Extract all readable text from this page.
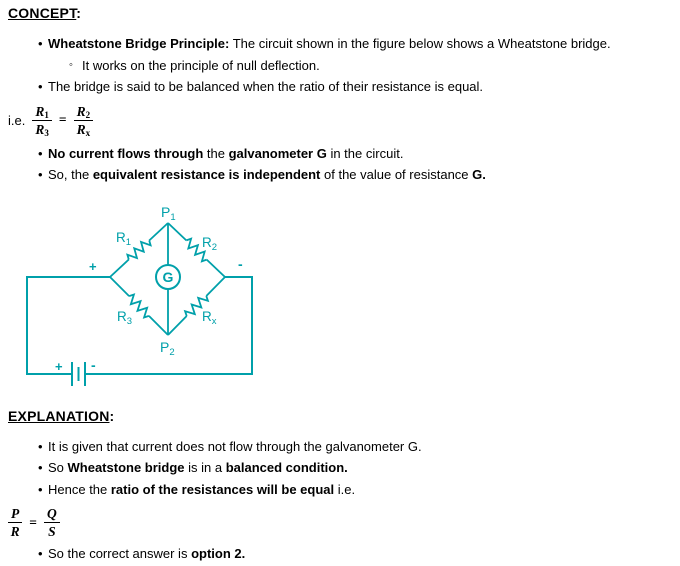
CONCEPT:
• Wheatstone Bridge Principle: The circuit shown in the figure below shows a Wheatstone bridge.
◦ It works on the principle of null deflection.
• The bridge is said to be balanced when the ratio of their resistance is equal.
i.e. $\frac{R_1}{R_3} = \frac{R_2}{R_x}$
• No current flows through the galvanometer G in the circuit.
• So, the equivalent resistance is independent of the value of resistance G.
G
$P_1$
$P_2$
$R_1$	$R_2$
$R_3$	$R_x$
+	-
+ -
EXPLANATION:
• It is given that current does not flow through the galvanometer G.
• So Wheatstone bridge is in a balanced condition.
• Hence the ratio of the resistances will be equal i.e.
$\frac{P}{R} = \frac{Q}{S}$
• So the correct answer is option 2.
